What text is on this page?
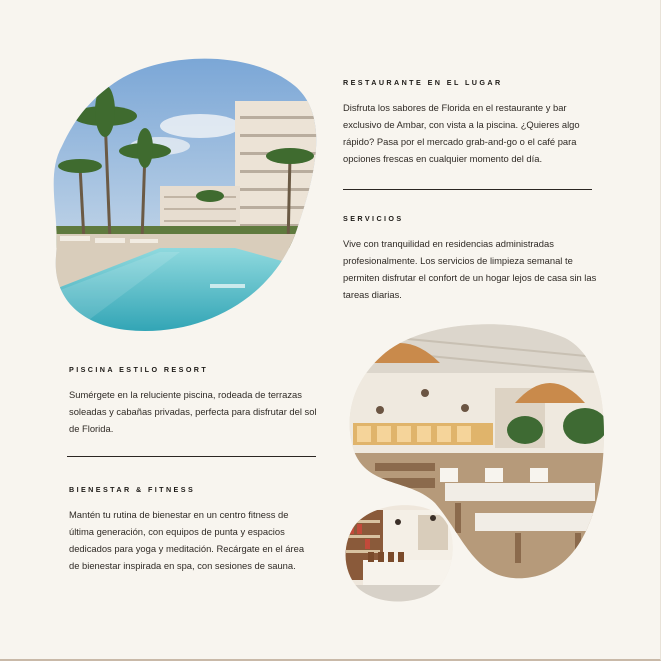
RESTAURANTE EN EL LUGAR

Disfruta los sabores de Florida en el restaurante y bar exclusivo de Ambar, con vista a la piscina. ¿Quieres algo rápido? Pasa por el mercado grab-and-go o el café para opciones frescas en cualquier momento del día.

SERVICIOS

Vive con tranquilidad en residencias administradas profesionalmente. Los servicios de limpieza semanal te permiten disfrutar el confort de un hogar lejos de casa sin las tareas diarias.

PISCINA ESTILO RESORT

Sumérgete en la reluciente piscina, rodeada de terrazas soleadas y cabañas privadas, perfecta para disfrutar del sol de Florida.

BIENESTAR & FITNESS

Mantén tu rutina de bienestar en un centro fitness de última generación, con equipos de punta y espacios dedicados para yoga y meditación. Recárgate en el área de bienestar inspirada en spa, con sesiones de sauna.
